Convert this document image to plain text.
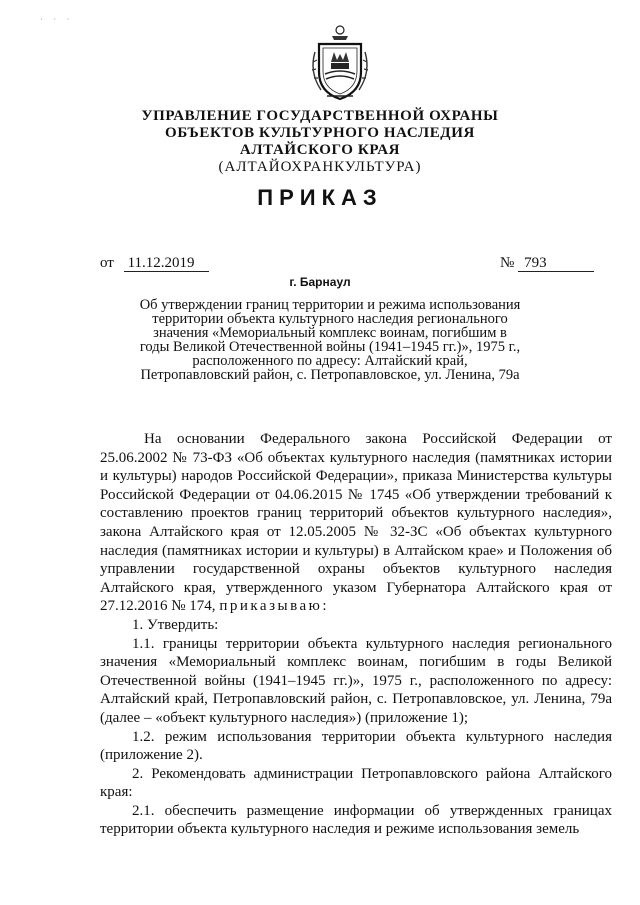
· · ·
УПРАВЛЕНИЕ ГОСУДАРСТВЕННОЙ ОХРАНЫ
ОБЪЕКТОВ КУЛЬТУРНОГО НАСЛЕДИЯ
АЛТАЙСКОГО КРАЯ
(АЛТАЙОХРАНКУЛЬТУРА)
ПРИКАЗ
от 11.12.2019	№ 793
г. Барнаул
Об утверждении границ территории и режима использования
территории объекта культурного наследия регионального
значения «Мемориальный комплекс воинам, погибшим в
годы Великой Отечественной войны (1941–1945 гг.)», 1975 г.,
расположенного по адресу: Алтайский край,
Петропавловский район, с. Петропавловское, ул. Ленина, 79а

На основании Федерального закона Российской Федерации от 25.06.2002 № 73-ФЗ «Об объектах культурного наследия (памятниках истории и культуры) народов Российской Федерации», приказа Министерства культуры Российской Федерации от 04.06.2015 № 1745 «Об утверждении требований к составлению проектов границ территорий объектов культурного наследия», закона Алтайского края от 12.05.2005 № 32-ЗС «Об объектах культурного наследия (памятниках истории и культуры) в Алтайском крае» и Положения об управлении государственной охраны объектов культурного наследия Алтайского края, утвержденного указом Губернатора Алтайского края от 27.12.2016 № 174, приказываю:

1. Утвердить:

1.1. границы территории объекта культурного наследия регионального значения «Мемориальный комплекс воинам, погибшим в годы Великой Отечественной войны (1941–1945 гг.)», 1975 г., расположенного по адресу: Алтайский край, Петропавловский район, с. Петропавловское, ул. Ленина, 79а (далее – «объект культурного наследия») (приложение 1);

1.2. режим использования территории объекта культурного наследия (приложение 2).

2. Рекомендовать администрации Петропавловского района Алтайского края:

2.1. обеспечить размещение информации об утвержденных границах территории объекта культурного наследия и режиме использования земель
